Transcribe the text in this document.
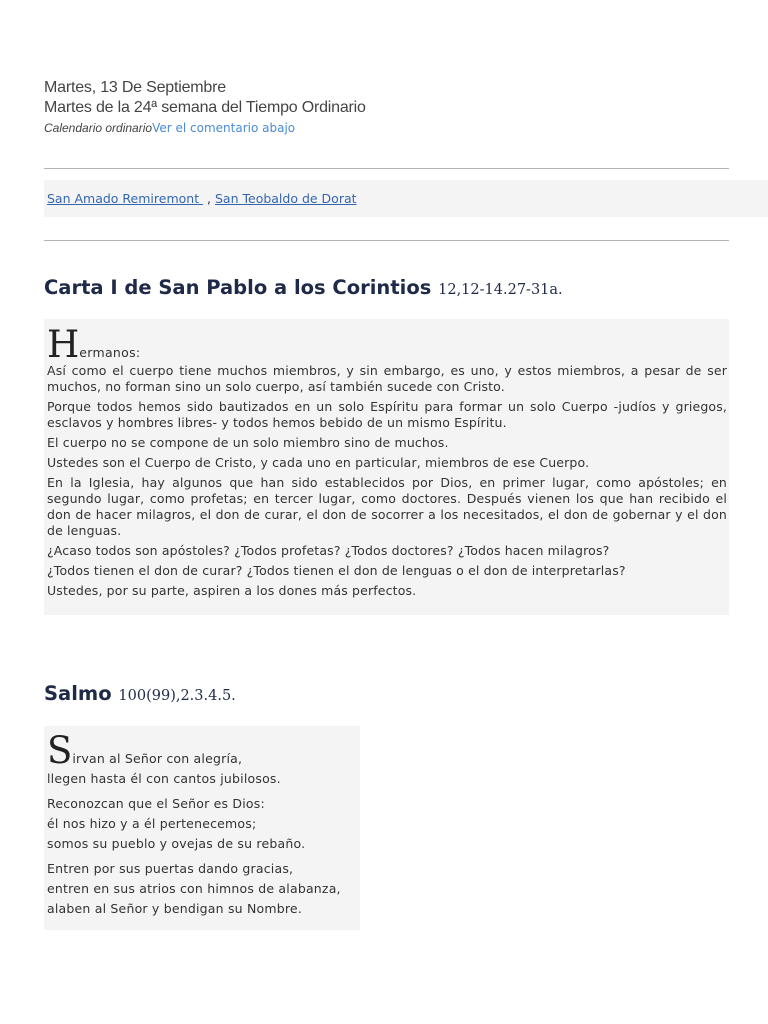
Martes, 13 De Septiembre
Martes de la 24ª semana del Tiempo Ordinario
Calendario ordinarioVer el comentario abajo
San Amado Remiremont  , San Teobaldo de Dorat
Carta I de San Pablo a los Corintios 12,12-14.27-31a.
Hermanos:

Así como el cuerpo tiene muchos miembros, y sin embargo, es uno, y estos miembros, a pesar de ser muchos, no forman sino un solo cuerpo, así también sucede con Cristo.

Porque todos hemos sido bautizados en un solo Espíritu para formar un solo Cuerpo -judíos y griegos, esclavos y hombres libres- y todos hemos bebido de un mismo Espíritu.

El cuerpo no se compone de un solo miembro sino de muchos.

Ustedes son el Cuerpo de Cristo, y cada uno en particular, miembros de ese Cuerpo.

En la Iglesia, hay algunos que han sido establecidos por Dios, en primer lugar, como apóstoles; en segundo lugar, como profetas; en tercer lugar, como doctores. Después vienen los que han recibido el don de hacer milagros, el don de curar, el don de socorrer a los necesitados, el don de gobernar y el don de lenguas.

¿Acaso todos son apóstoles? ¿Todos profetas? ¿Todos doctores? ¿Todos hacen milagros?

¿Todos tienen el don de curar? ¿Todos tienen el don de lenguas o el don de interpretarlas?

Ustedes, por su parte, aspiren a los dones más perfectos.

Salmo 100(99),2.3.4.5.
Sirvan al Señor con alegría,
llegen hasta él con cantos jubilosos.
Reconozcan que el Señor es Dios:
él nos hizo y a él pertenecemos;
somos su pueblo y ovejas de su rebaño.
Entren por sus puertas dando gracias,
entren en sus atrios con himnos de alabanza,
alaben al Señor y bendigan su Nombre.
